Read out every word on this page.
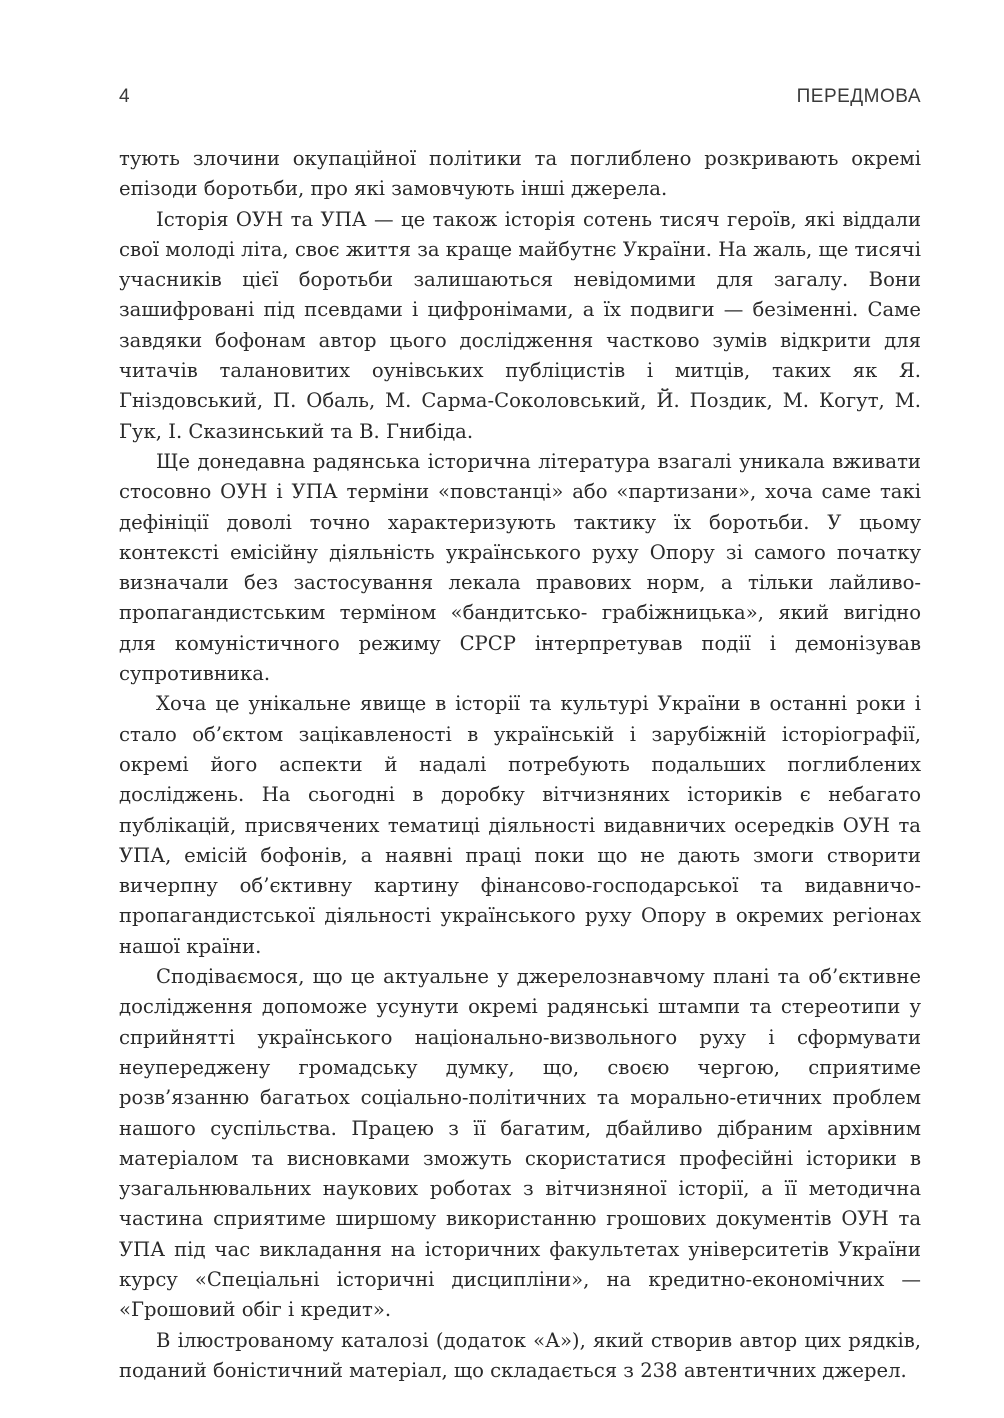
4	ПЕРЕДМОВА

тують злочини окупаційної політики та поглиблено розкривають окремі епізоди боротьби, про які замовчують інші джерела.

Історія ОУН та УПА — це також історія сотень тисяч героїв, які віддали свої молоді літа, своє життя за краще майбутнє України. На жаль, ще тисячі учасників цієї боротьби залишаються невідомими для загалу. Вони зашифровані під псевдами і цифронімами, а їх подвиги — безіменні. Саме завдяки бофонам автор цього дослідження частково зумів відкрити для читачів талановитих оунівських публіцистів і митців, таких як Я. Гніздовський, П. Обаль, М. Сарма-Соколовський, Й. Поздик, М. Когут, М. Гук, І. Сказинський та В. Гнибіда.

Ще донедавна радянська історична література взагалі уникала вживати стосовно ОУН і УПА терміни «повстанці» або «партизани», хоча саме такі дефініції доволі точно характеризують тактику їх боротьби. У цьому контексті емісійну діяльність українського руху Опору зі самого початку визначали без застосування лекала правових норм, а тільки лайливо-пропагандистським терміном «бандитсько- грабіжницька», який вигідно для комуністичного режиму СРСР інтерпретував події і демонізував супротивника.

Хоча це унікальне явище в історії та культурі України в останні роки і стало об’єктом зацікавленості в українській і зарубіжній історіографії, окремі його аспекти й надалі потребують подальших поглиблених досліджень. На сьогодні в доробку вітчизняних істориків є небагато публікацій, присвячених тематиці діяльності видавничих осередків ОУН та УПА, емісій бофонів, а наявні праці поки що не дають змоги створити вичерпну об’єктивну картину фінансово-господарської та видавничо-пропагандистської діяльності українського руху Опору в окремих регіонах нашої країни.

Сподіваємося, що це актуальне у джерелознавчому плані та об’єктивне дослідження допоможе усунути окремі радянські штампи та стереотипи у сприйнятті українського національно-визвольного руху і сформувати неупереджену громадську думку, що, своєю чергою, сприятиме розв’язанню багатьох соціально-політичних та морально-етичних проблем нашого суспільства. Працею з її багатим, дбайливо дібраним архівним матеріалом та висновками зможуть скористатися професійні історики в узагальнювальних наукових роботах з вітчизняної історії, а її методична частина сприятиме ширшому використанню грошових документів ОУН та УПА під час викладання на історичних факультетах університетів України курсу «Спеціальні історичні дисципліни», на кредитно-економічних — «Грошовий обіг і кредит».

В ілюстрованому каталозі (додаток «А»), який створив автор цих рядків, поданий боністичний матеріал, що складається з 238 автентичних джерел.
